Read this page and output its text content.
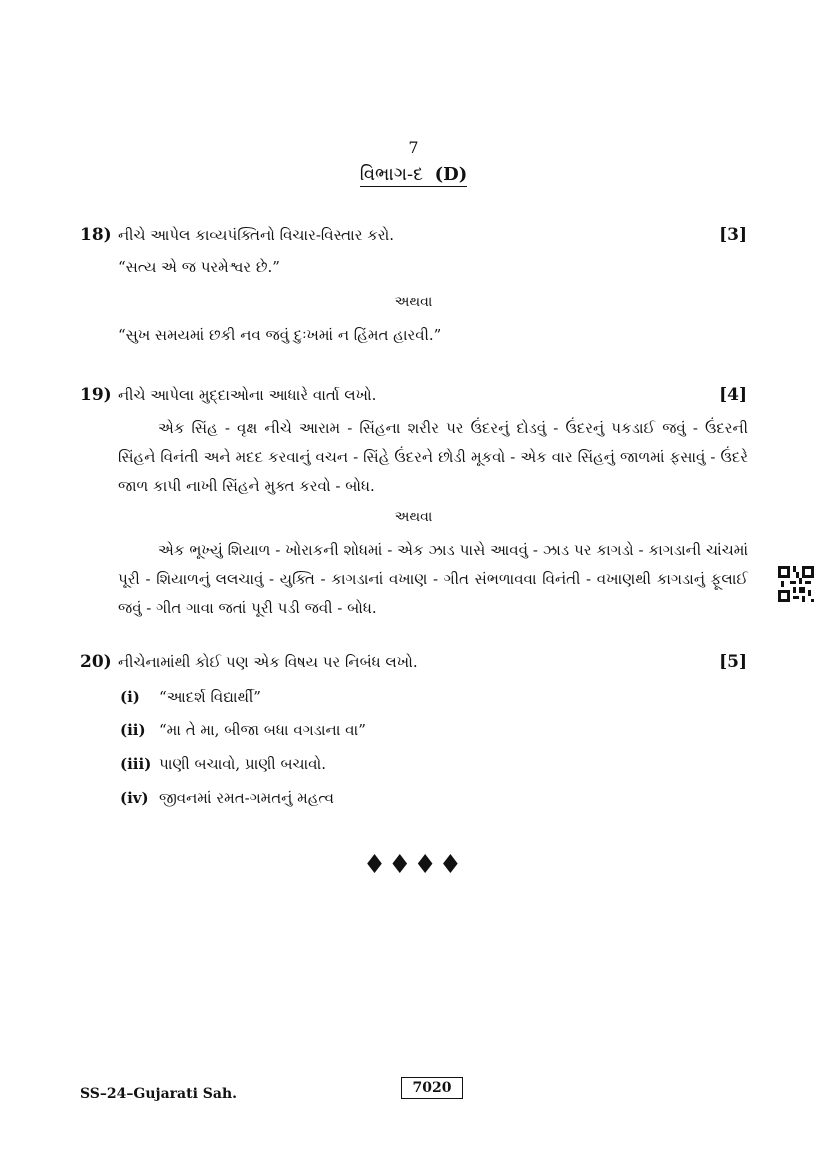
7
વિભાગ-દ (D)
18) નીચે આપેલ કાવ્યપંક્તિનો વિચાર-વિસ્તાર કરો.	[3]
“સત્ય એ જ પરમેશ્વર છે.”
અથવા
“સુખ સમયમાં છકી નવ જવું દુઃખમાં ન હિંમત હારવી.”
19) નીચે આપેલા મુદ્દાઓના આધારે વાર્તા લખો.	[4]
એક સિંહ - વૃક્ષ નીચે આરામ - સિંહના શરીર પર ઉંદરનું દોડવું - ઉંદરનું પકડાઈ જવું - ઉંદરની સિંહને વિનંતી અને મદદ કરવાનું વચન - સિંહે ઉંદરને છોડી મૂકવો - એક વાર સિંહનું જાળમાં ફસાવું - ઉંદરે જાળ કાપી નાખી સિંહને મુક્ત કરવો - બોધ.
અથવા
એક ભૂખ્યું શિયાળ - ખોરાકની શોધમાં - એક ઝાડ પાસે આવવું - ઝાડ પર કાગડો - કાગડાની ચાંચમાં પૂરી - શિયાળનું લલચાવું - યુક્તિ - કાગડાનાં વખાણ - ગીત સંભળાવવા વિનંતી - વખાણથી કાગડાનું ફૂલાઈ જવું - ગીત ગાવા જતાં પૂરી પડી જવી - બોધ.
20) નીચેનામાંથી કોઈ પણ એક વિષય પર નિબંધ લખો.	[5]
(i) “આદર્શ વિદ્યાર્થી”
(ii) “મા તે મા, બીજા બધા વગડાના વા”
(iii) પાણી બચાવો, પ્રાણી બચાવો.
(iv) જીવનમાં રમત-ગમતનું મહત્વ
♦♦♦♦
SS–24–Gujarati Sah.	7020
